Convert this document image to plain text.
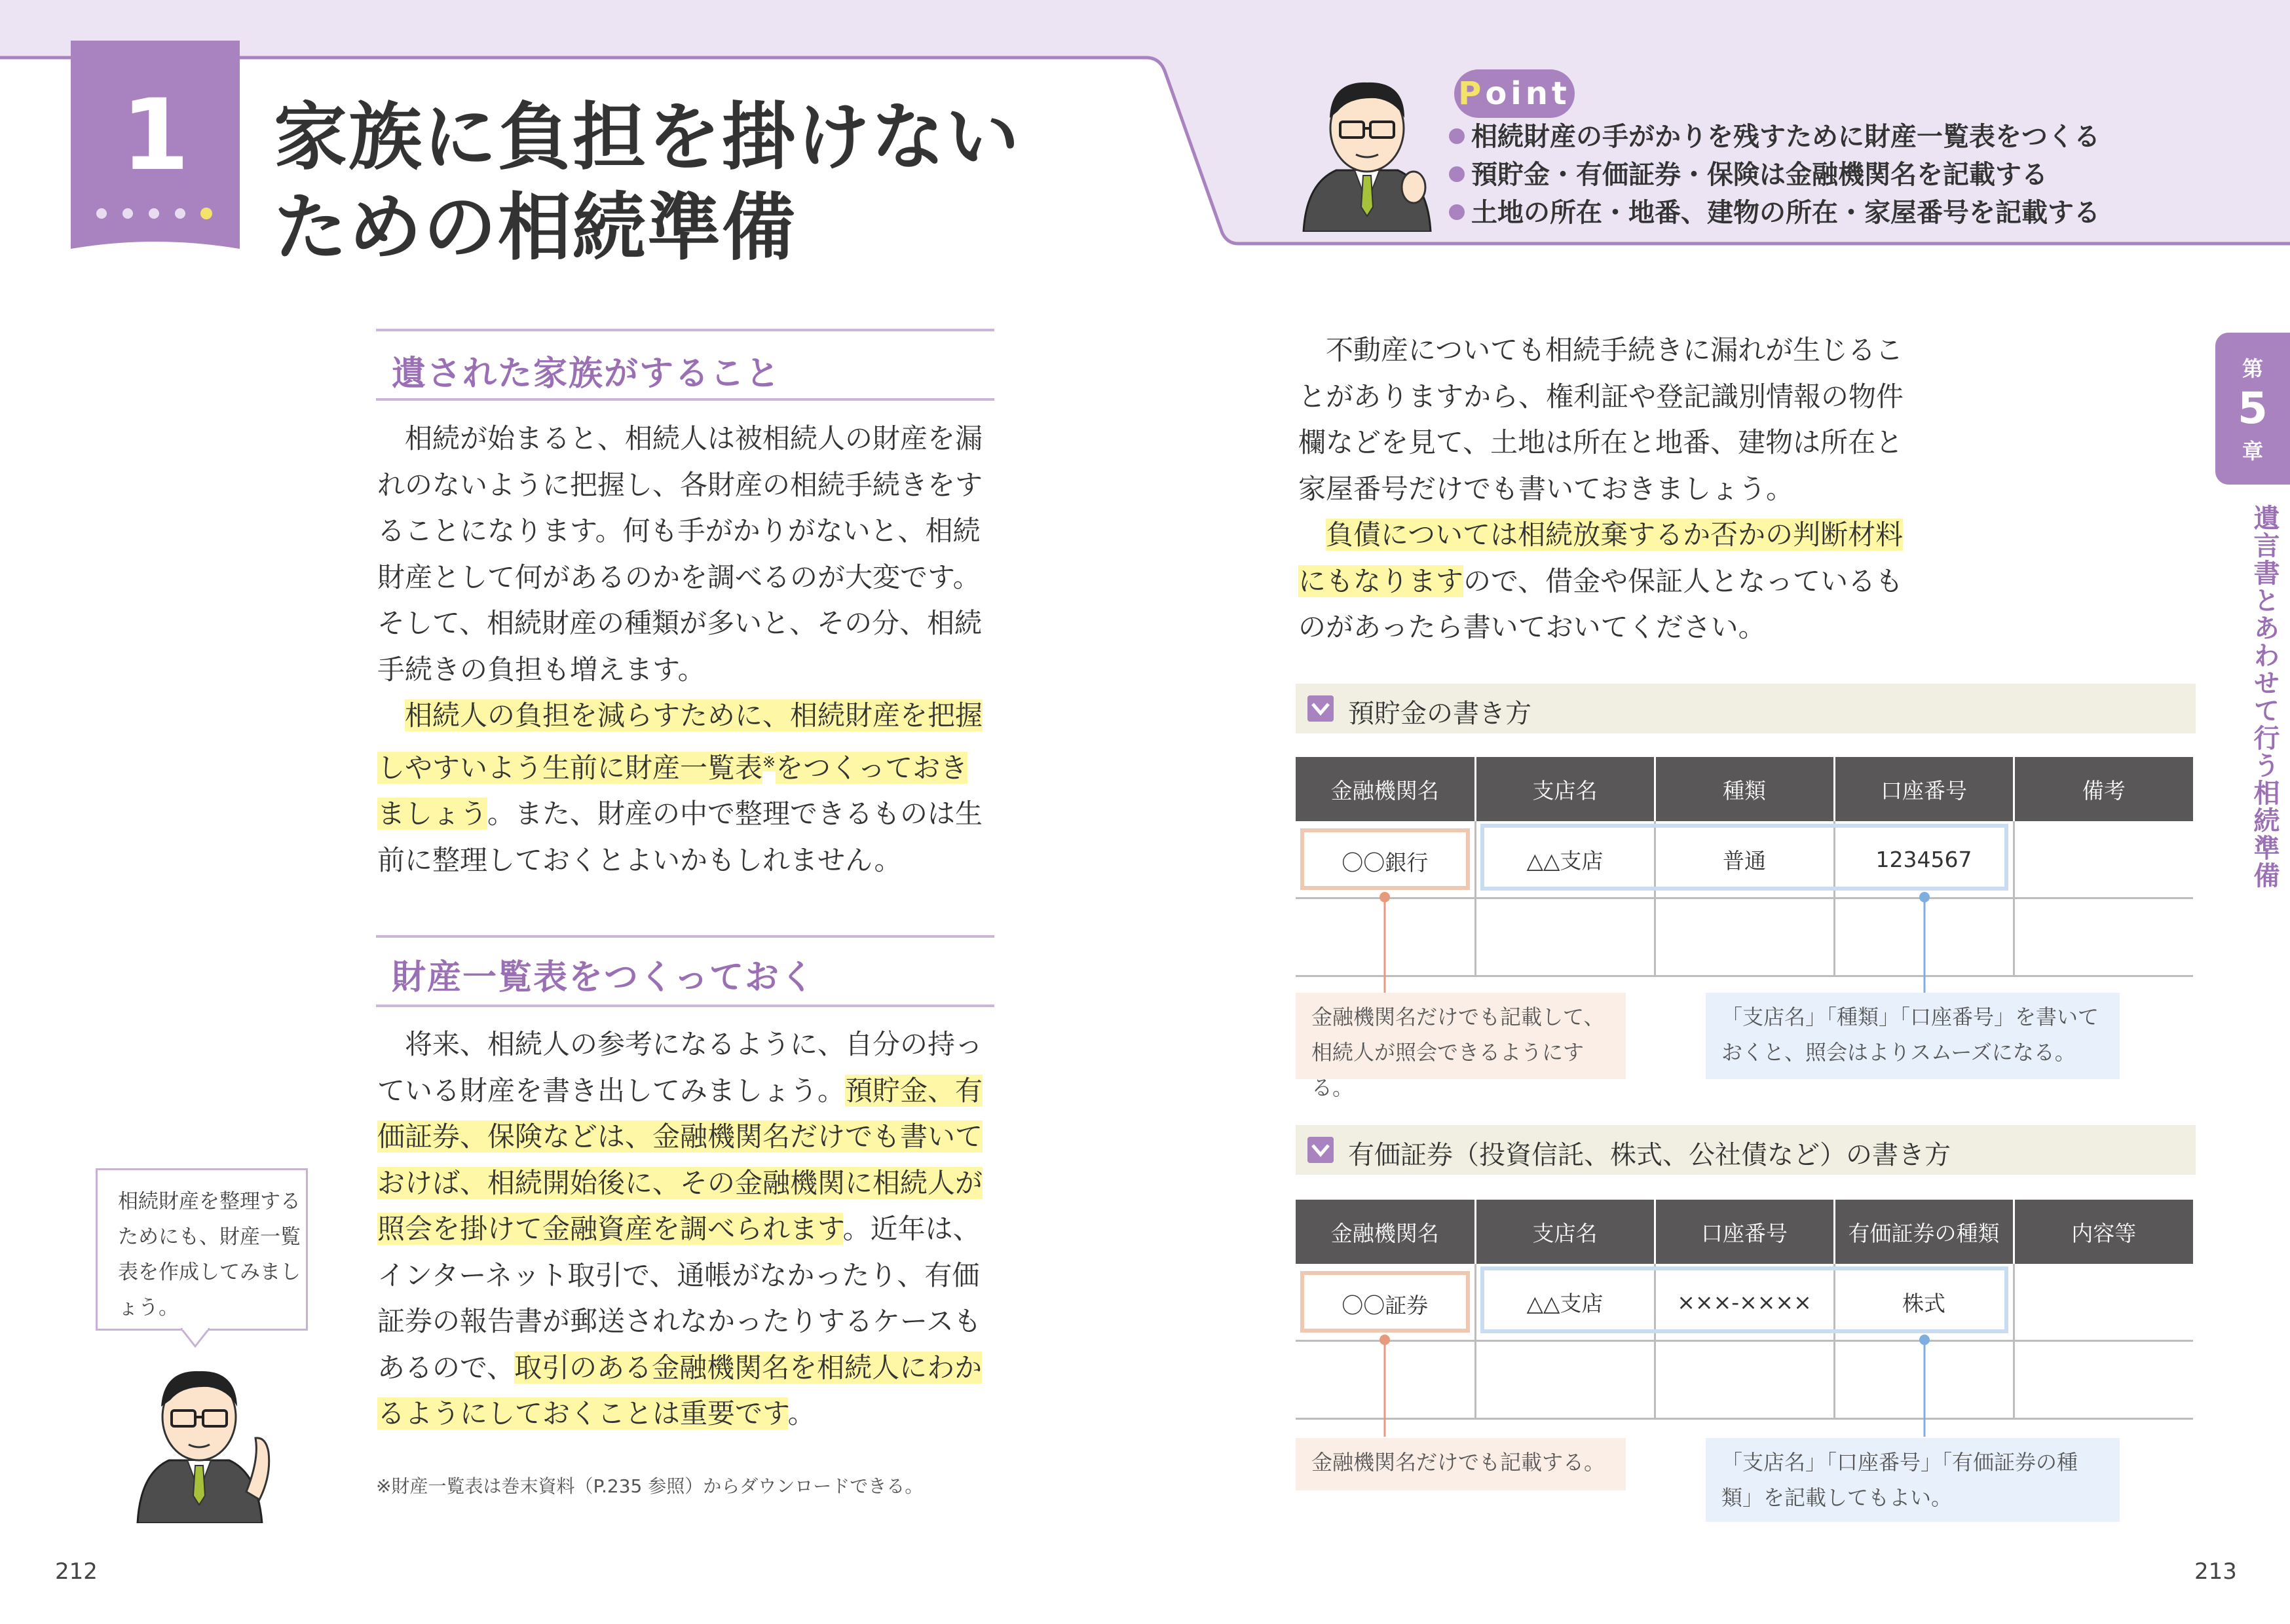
1	家族に負担を掛けない
ための相続準備
Point
相続財産の手がかりを残すために財産一覧表をつくる
預貯金・有価証券・保険は金融機関名を記載する
土地の所在・地番、建物の所在・家屋番号を記載する
遺された家族がすること
相続が始まると、相続人は被相続人の財産を漏れのないように把握し、各財産の相続手続きをすることになります。何も手がかりがないと、相続財産として何があるのかを調べるのが大変です。そして、相続財産の種類が多いと、その分、相続手続きの負担も増えます。
相続人の負担を減らすために、相続財産を把握しやすいよう生前に財産一覧表※をつくっておきましょう。また、財産の中で整理できるものは生前に整理しておくとよいかもしれません。
財産一覧表をつくっておく
将来、相続人の参考になるように、自分の持っている財産を書き出してみましょう。預貯金、有価証券、保険などは、金融機関名だけでも書いておけば、相続開始後に、その金融機関に相続人が照会を掛けて金融資産を調べられます。近年は、インターネット取引で、通帳がなかったり、有価証券の報告書が郵送されなかったりするケースもあるので、取引のある金融機関名を相続人にわかるようにしておくことは重要です。
相続財産を整理するためにも、財産一覧表を作成してみましょう。
※財産一覧表は巻末資料（P.235 参照）からダウンロードできる。
212
不動産についても相続手続きに漏れが生じることがありますから、権利証や登記識別情報の物件欄などを見て、土地は所在と地番、建物は所在と家屋番号だけでも書いておきましょう。
負債については相続放棄するか否かの判断材料にもなりますので、借金や保証人となっているものがあったら書いておいてください。
預貯金の書き方
金融機関名	支店名	種類	口座番号	備考

〇〇銀行	△△支店	普通	1234567	

金融機関名だけでも記載して、相続人が照会できるようにする。
「支店名」「種類」「口座番号」を書いておくと、照会はよりスムーズになる。
有価証券（投資信託、株式、公社債など）の書き方
金融機関名	支店名	口座番号	有価証券の種類	内容等

〇〇証券	△△支店	×××-××××	株式	

金融機関名だけでも記載する。	「支店名」「口座番号」「有価証券の種類」を記載してもよい。
第
5
章
遺言書とあわせて行う相続準備
213
